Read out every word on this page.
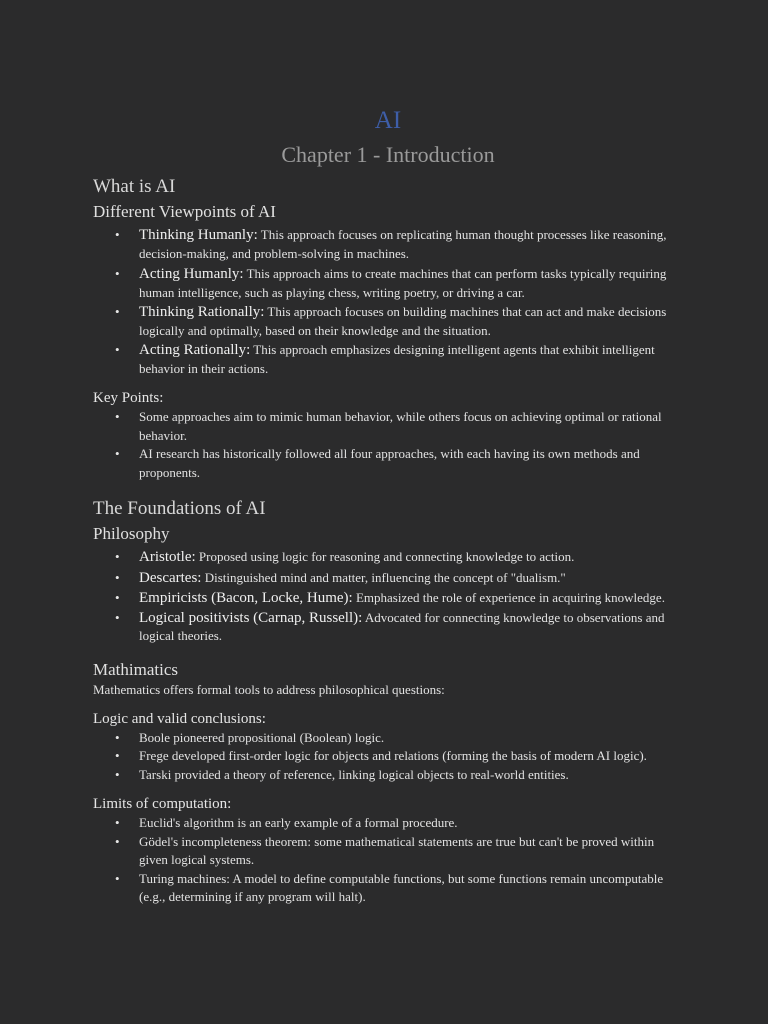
AI
Chapter 1 - Introduction
What is AI
Different Viewpoints of AI
• Thinking Humanly: This approach focuses on replicating human thought processes like reasoning, decision-making, and problem-solving in machines.
• Acting Humanly: This approach aims to create machines that can perform tasks typically requiring human intelligence, such as playing chess, writing poetry, or driving a car.
• Thinking Rationally: This approach focuses on building machines that can act and make decisions logically and optimally, based on their knowledge and the situation.
• Acting Rationally: This approach emphasizes designing intelligent agents that exhibit intelligent behavior in their actions.
Key Points:
• Some approaches aim to mimic human behavior, while others focus on achieving optimal or rational behavior.
• AI research has historically followed all four approaches, with each having its own methods and proponents.
The Foundations of AI
Philosophy
• Aristotle: Proposed using logic for reasoning and connecting knowledge to action.
• Descartes: Distinguished mind and matter, influencing the concept of "dualism."
• Empiricists (Bacon, Locke, Hume): Emphasized the role of experience in acquiring knowledge.
• Logical positivists (Carnap, Russell): Advocated for connecting knowledge to observations and logical theories.
Mathimatics

Mathematics offers formal tools to address philosophical questions:

Logic and valid conclusions:
• Boole pioneered propositional (Boolean) logic.
• Frege developed first-order logic for objects and relations (forming the basis of modern AI logic).
• Tarski provided a theory of reference, linking logical objects to real-world entities.
Limits of computation:
• Euclid's algorithm is an early example of a formal procedure.
• Gödel's incompleteness theorem: some mathematical statements are true but can't be proved within given logical systems.
• Turing machines: A model to define computable functions, but some functions remain uncomputable (e.g., determining if any program will halt).
